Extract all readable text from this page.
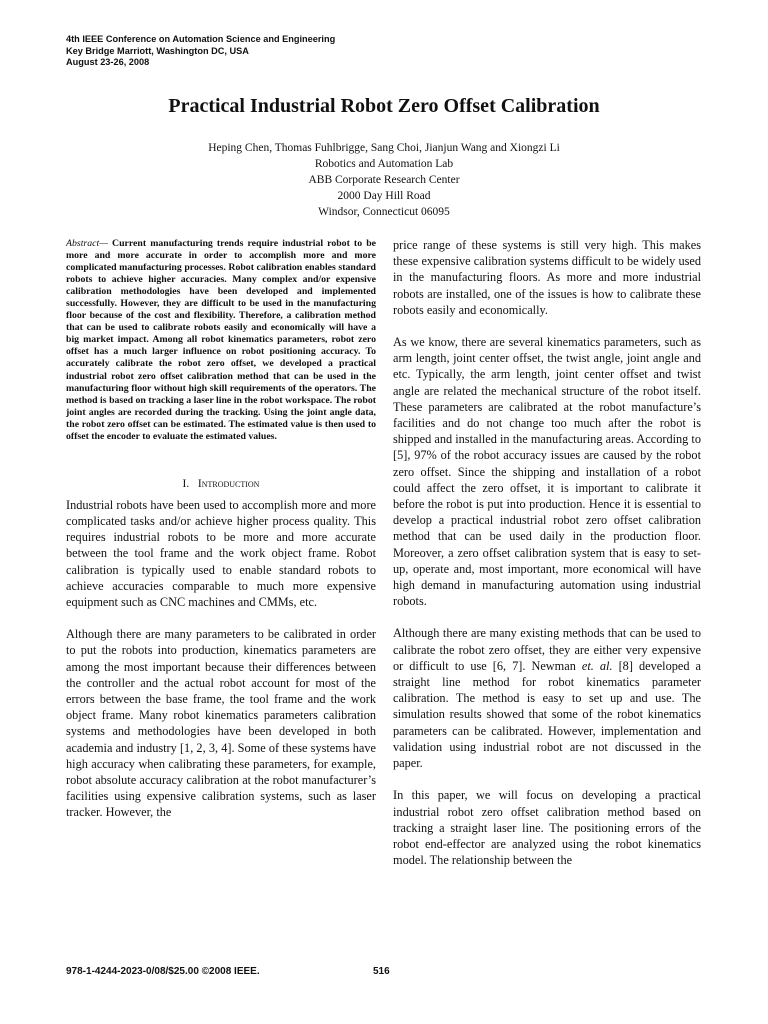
4th IEEE Conference on Automation Science and Engineering
Key Bridge Marriott, Washington DC, USA
August 23-26, 2008
Practical Industrial Robot Zero Offset Calibration
Heping Chen, Thomas Fuhlbrigge, Sang Choi, Jianjun Wang and Xiongzi Li
Robotics and Automation Lab
ABB Corporate Research Center
2000 Day Hill Road
Windsor, Connecticut 06095

Abstract— Current manufacturing trends require industrial robot to be more and more accurate in order to accomplish more and more complicated manufacturing processes. Robot calibration enables standard robots to achieve higher accuracies. Many complex and/or expensive calibration methodologies have been developed and implemented successfully. However, they are difficult to be used in the manufacturing floor because of the cost and flexibility. Therefore, a calibration method that can be used to calibrate robots easily and economically will have a big market impact. Among all robot kinematics parameters, robot zero offset has a much larger influence on robot positioning accuracy. To accurately calibrate the robot zero offset, we developed a practical industrial robot zero offset calibration method that can be used in the manufacturing floor without high skill requirements of the operators. The method is based on tracking a laser line in the robot workspace. The robot joint angles are recorded during the tracking. Using the joint angle data, the robot zero offset can be estimated. The estimated value is then used to offset the encoder to evaluate the estimated values.

I. Introduction

Industrial robots have been used to accomplish more and more complicated tasks and/or achieve higher process quality. This requires industrial robots to be more and more accurate between the tool frame and the work object frame. Robot calibration is typically used to enable standard robots to achieve accuracies comparable to much more expensive equipment such as CNC machines and CMMs, etc.

Although there are many parameters to be calibrated in order to put the robots into production, kinematics parameters are among the most important because their differences between the controller and the actual robot account for most of the errors between the base frame, the tool frame and the work object frame. Many robot kinematics parameters calibration systems and methodologies have been developed in both academia and industry [1, 2, 3, 4]. Some of these systems have high accuracy when calibrating these parameters, for example, robot absolute accuracy calibration at the robot manufacturer’s facilities using expensive calibration systems, such as laser tracker. However, the

price range of these systems is still very high. This makes these expensive calibration systems difficult to be widely used in the manufacturing floors. As more and more industrial robots are installed, one of the issues is how to calibrate these robots easily and economically.

As we know, there are several kinematics parameters, such as arm length, joint center offset, the twist angle, joint angle and etc. Typically, the arm length, joint center offset and twist angle are related the mechanical structure of the robot itself. These parameters are calibrated at the robot manufacture’s facilities and do not change too much after the robot is shipped and installed in the manufacturing areas. According to [5], 97% of the robot accuracy issues are caused by the robot zero offset. Since the shipping and installation of a robot could affect the zero offset, it is important to calibrate it before the robot is put into production. Hence it is essential to develop a practical industrial robot zero offset calibration method that can be used daily in the production floor. Moreover, a zero offset calibration system that is easy to set-up, operate and, most important, more economical will have high demand in manufacturing automation using industrial robots.

Although there are many existing methods that can be used to calibrate the robot zero offset, they are either very expensive or difficult to use [6, 7]. Newman et. al. [8] developed a straight line method for robot kinematics parameter calibration. The method is easy to set up and use. The simulation results showed that some of the robot kinematics parameters can be calibrated. However, implementation and validation using industrial robot are not discussed in the paper.

In this paper, we will focus on developing a practical industrial robot zero offset calibration method based on tracking a straight laser line. The positioning errors of the robot end-effector are analyzed using the robot kinematics model. The relationship between the

978-1-4244-2023-0/08/$25.00 ©2008 IEEE.	516
